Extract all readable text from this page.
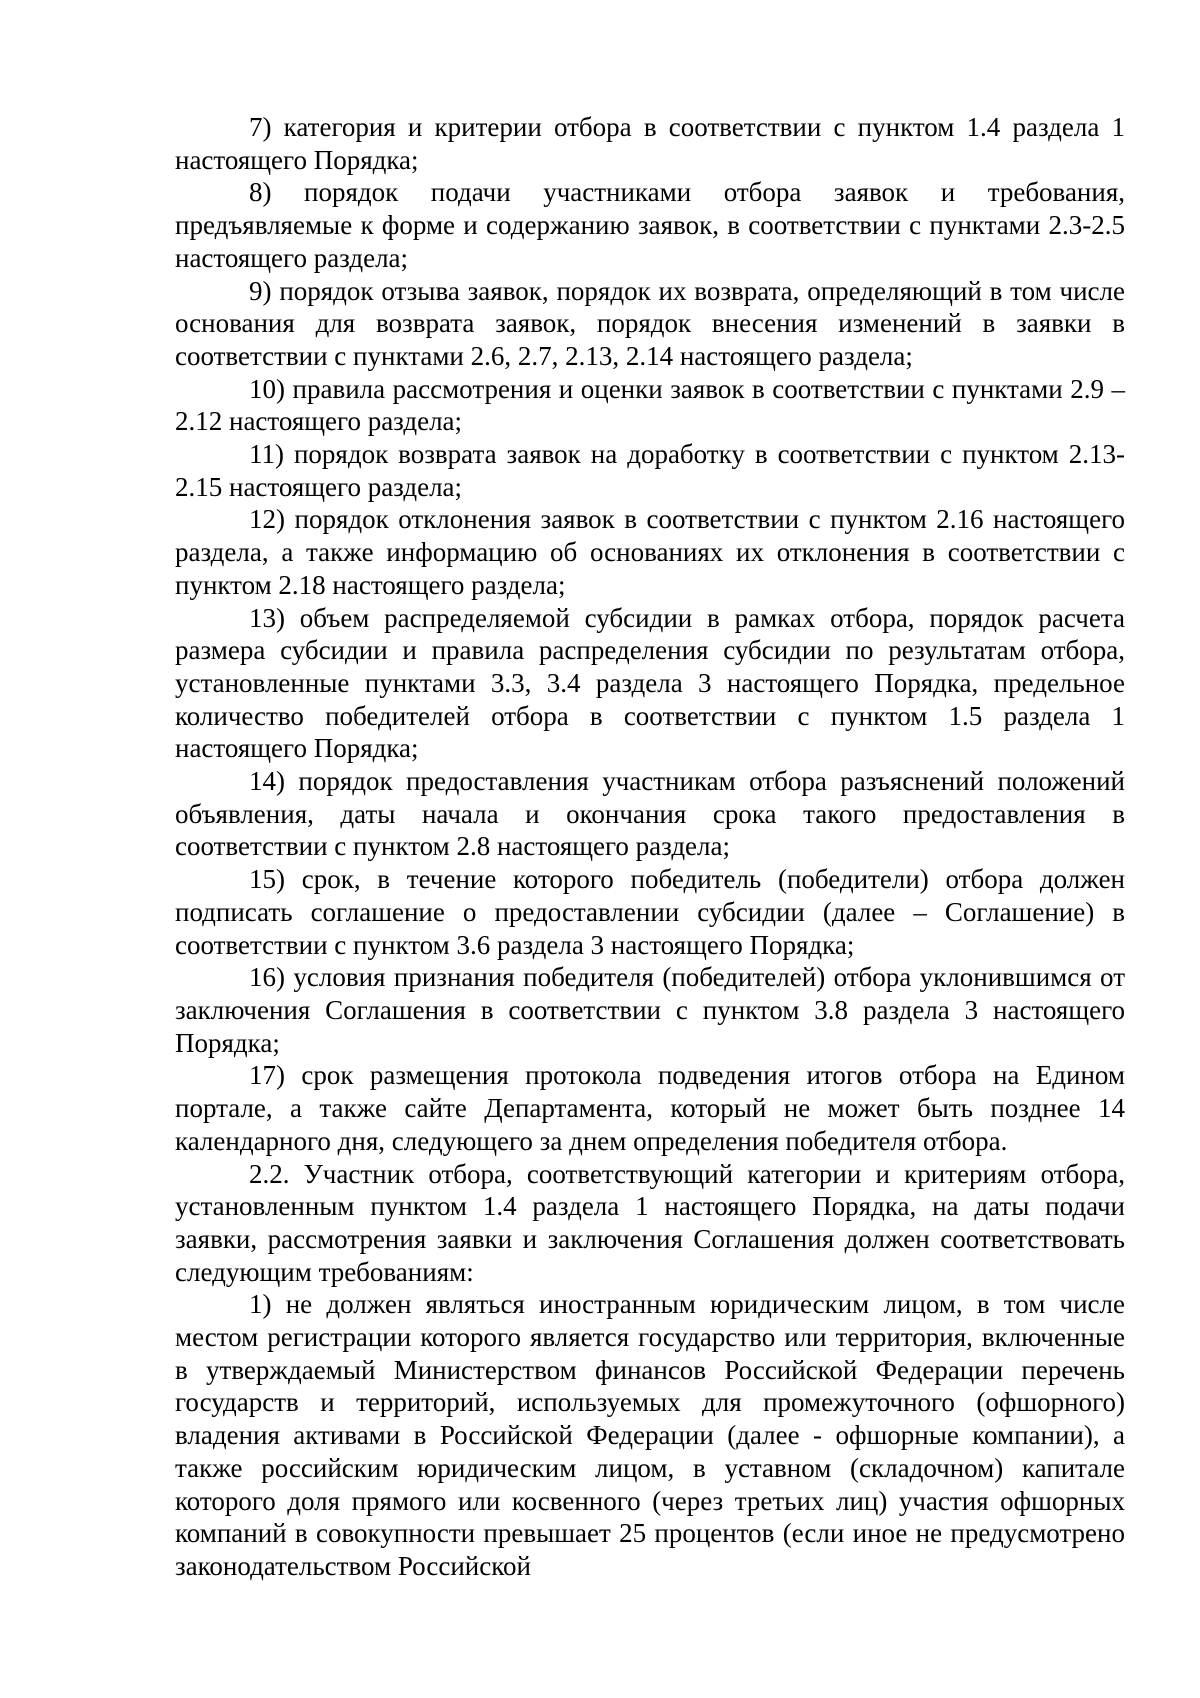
7) категория и критерии отбора в соответствии с пунктом 1.4 раздела 1 настоящего Порядка;

8) порядок подачи участниками отбора заявок и требования, предъявляемые к форме и содержанию заявок, в соответствии с пунктами 2.3-2.5 настоящего раздела;

9) порядок отзыва заявок, порядок их возврата, определяющий в том числе основания для возврата заявок, порядок внесения изменений в заявки в соответствии с пунктами 2.6, 2.7, 2.13, 2.14 настоящего раздела;

10) правила рассмотрения и оценки заявок в соответствии с пунктами 2.9 – 2.12 настоящего раздела;

11) порядок возврата заявок на доработку в соответствии с пунктом 2.13- 2.15 настоящего раздела;

12) порядок отклонения заявок в соответствии с пунктом 2.16 настоящего раздела, а также информацию об основаниях их отклонения в соответствии с пунктом 2.18 настоящего раздела;

13) объем распределяемой субсидии в рамках отбора, порядок расчета размера субсидии и правила распределения субсидии по результатам отбора, установленные пунктами 3.3, 3.4 раздела 3 настоящего Порядка, предельное количество победителей отбора в соответствии с пунктом 1.5 раздела 1 настоящего Порядка;

14) порядок предоставления участникам отбора разъяснений положений объявления, даты начала и окончания срока такого предоставления в соответствии с пунктом 2.8 настоящего раздела;

15) срок, в течение которого победитель (победители) отбора должен подписать соглашение о предоставлении субсидии (далее – Соглашение) в соответствии с пунктом 3.6 раздела 3 настоящего Порядка;

16) условия признания победителя (победителей) отбора уклонившимся от заключения Соглашения в соответствии с пунктом 3.8 раздела 3 настоящего Порядка;

17) срок размещения протокола подведения итогов отбора на Едином портале, а также сайте Департамента, который не может быть позднее 14 календарного дня, следующего за днем определения победителя отбора.

2.2. Участник отбора, соответствующий категории и критериям отбора, установленным пунктом 1.4 раздела 1 настоящего Порядка, на даты подачи заявки, рассмотрения заявки и заключения Соглашения должен соответствовать следующим требованиям:

1) не должен являться иностранным юридическим лицом, в том числе местом регистрации которого является государство или территория, включенные в утверждаемый Министерством финансов Российской Федерации перечень государств и территорий, используемых для промежуточного (офшорного) владения активами в Российской Федерации (далее - офшорные компании), а также российским юридическим лицом, в уставном (складочном) капитале которого доля прямого или косвенного (через третьих лиц) участия офшорных компаний в совокупности превышает 25 процентов (если иное не предусмотрено законодательством Российской
